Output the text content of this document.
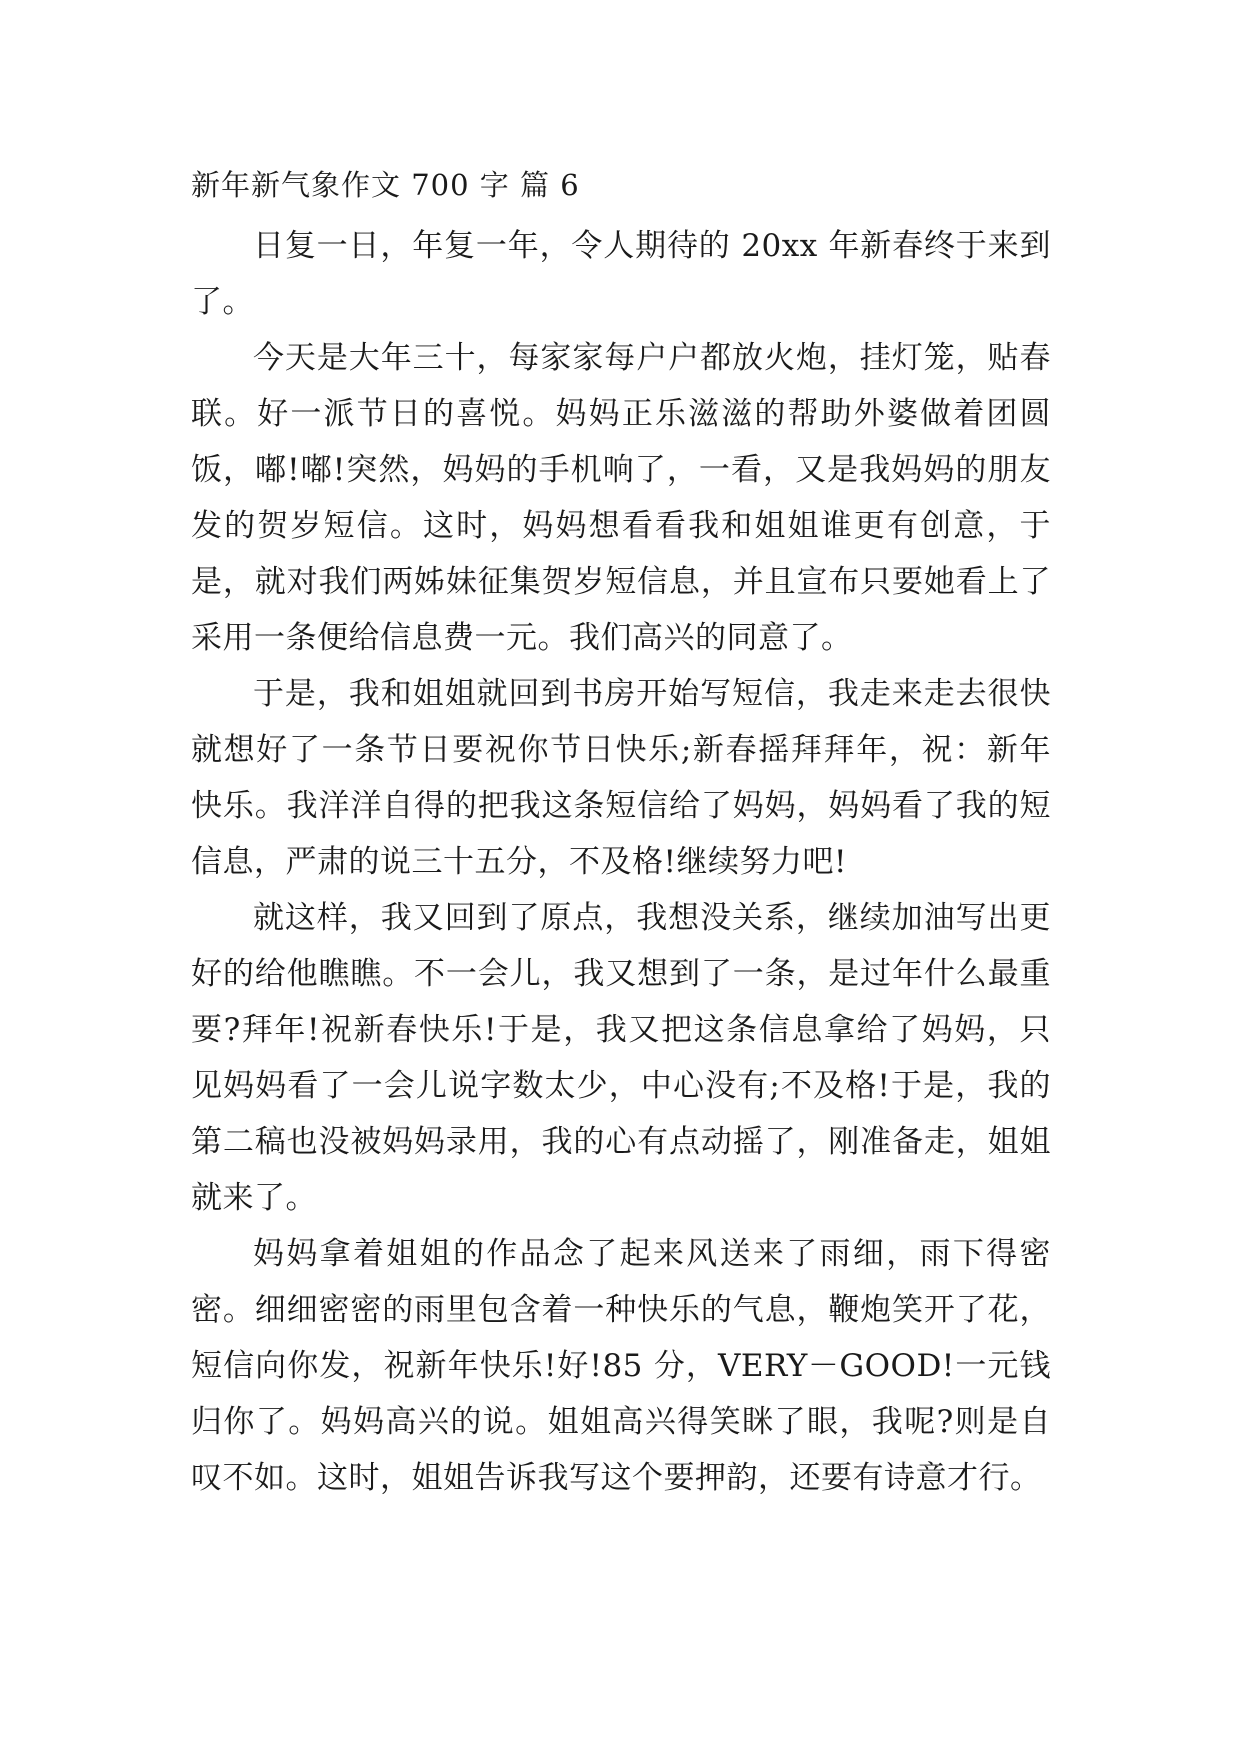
新年新气象作文 700 字 篇 6

日复一日，年复一年，令人期待的 20xx 年新春终于来到了。

今天是大年三十，每家家每户户都放火炮，挂灯笼，贴春联。好一派节日的喜悦。妈妈正乐滋滋的帮助外婆做着团圆饭，嘟!嘟!突然，妈妈的手机响了，一看，又是我妈妈的朋友发的贺岁短信。这时，妈妈想看看我和姐姐谁更有创意，于是，就对我们两姊妹征集贺岁短信息，并且宣布只要她看上了采用一条便给信息费一元。我们高兴的同意了。

于是，我和姐姐就回到书房开始写短信，我走来走去很快就想好了一条节日要祝你节日快乐;新春摇拜拜年，祝：新年快乐。我洋洋自得的把我这条短信给了妈妈，妈妈看了我的短信息，严肃的说三十五分，不及格!继续努力吧!

就这样，我又回到了原点，我想没关系，继续加油写出更好的给他瞧瞧。不一会儿，我又想到了一条，是过年什么最重要?拜年!祝新春快乐!于是，我又把这条信息拿给了妈妈，只见妈妈看了一会儿说字数太少，中心没有;不及格!于是，我的第二稿也没被妈妈录用，我的心有点动摇了，刚准备走，姐姐就来了。

妈妈拿着姐姐的作品念了起来风送来了雨细，雨下得密密。细细密密的雨里包含着一种快乐的气息，鞭炮笑开了花，短信向你发，祝新年快乐!好!85 分，VERY－GOOD!一元钱归你了。妈妈高兴的说。姐姐高兴得笑眯了眼，我呢?则是自叹不如。这时，姐姐告诉我写这个要押韵，还要有诗意才行。
